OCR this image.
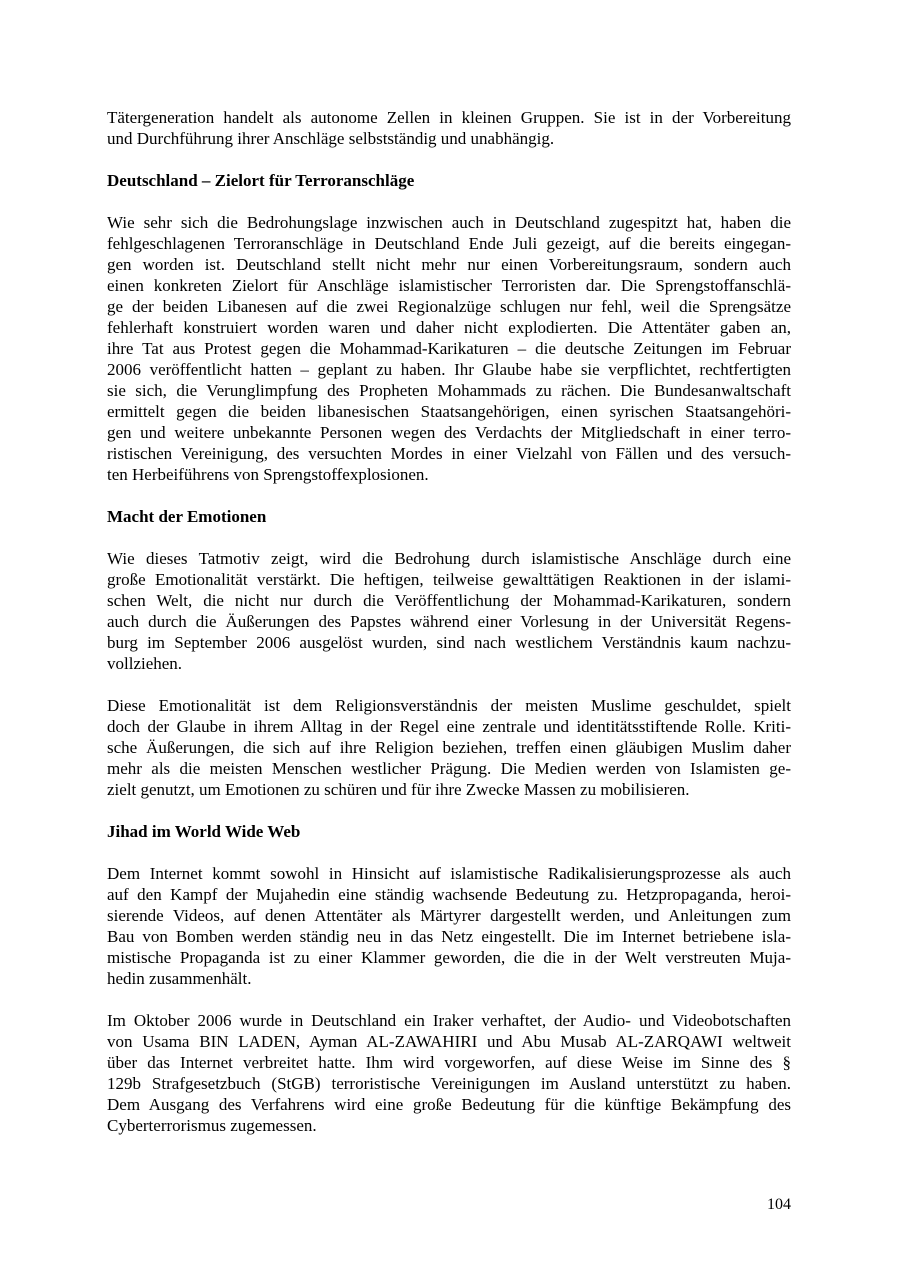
Tätergeneration handelt als autonome Zellen in kleinen Gruppen. Sie ist in der Vorbereitung
und Durchführung ihrer Anschläge selbstständig und unabhängig.
Deutschland – Zielort für Terroranschläge
Wie sehr sich die Bedrohungslage inzwischen auch in Deutschland zugespitzt hat, haben die
fehlgeschlagenen Terroranschläge in Deutschland Ende Juli gezeigt, auf die bereits eingegan-
gen worden ist. Deutschland stellt nicht mehr nur einen Vorbereitungsraum, sondern auch
einen konkreten Zielort für Anschläge islamistischer Terroristen dar. Die Sprengstoffanschlä-
ge der beiden Libanesen auf die zwei Regionalzüge schlugen nur fehl, weil die Sprengsätze
fehlerhaft konstruiert worden waren und daher nicht explodierten. Die Attentäter gaben an,
ihre Tat aus Protest gegen die Mohammad-Karikaturen – die deutsche Zeitungen im Februar
2006 veröffentlicht hatten – geplant zu haben. Ihr Glaube habe sie verpflichtet, rechtfertigten
sie sich, die Verunglimpfung des Propheten Mohammads zu rächen. Die Bundesanwaltschaft
ermittelt gegen die beiden libanesischen Staatsangehörigen, einen syrischen Staatsangehöri-
gen und weitere unbekannte Personen wegen des Verdachts der Mitgliedschaft in einer terro-
ristischen Vereinigung, des versuchten Mordes in einer Vielzahl von Fällen und des versuch-
ten Herbeiführens von Sprengstoffexplosionen.
Macht der Emotionen
Wie dieses Tatmotiv zeigt, wird die Bedrohung durch islamistische Anschläge durch eine
große Emotionalität verstärkt. Die heftigen, teilweise gewalttätigen Reaktionen in der islami-
schen Welt, die nicht nur durch die Veröffentlichung der Mohammad-Karikaturen, sondern
auch durch die Äußerungen des Papstes während einer Vorlesung in der Universität Regens-
burg im September 2006 ausgelöst wurden, sind nach westlichem Verständnis kaum nachzu-
vollziehen.
Diese Emotionalität ist dem Religionsverständnis der meisten Muslime geschuldet, spielt
doch der Glaube in ihrem Alltag in der Regel eine zentrale und identitätsstiftende Rolle. Kriti-
sche Äußerungen, die sich auf ihre Religion beziehen, treffen einen gläubigen Muslim daher
mehr als die meisten Menschen westlicher Prägung. Die Medien werden von Islamisten ge-
zielt genutzt, um Emotionen zu schüren und für ihre Zwecke Massen zu mobilisieren.
Jihad im World Wide Web
Dem Internet kommt sowohl in Hinsicht auf islamistische Radikalisierungsprozesse als auch
auf den Kampf der Mujahedin eine ständig wachsende Bedeutung zu. Hetzpropaganda, heroi-
sierende Videos, auf denen Attentäter als Märtyrer dargestellt werden, und Anleitungen zum
Bau von Bomben werden ständig neu in das Netz eingestellt. Die im Internet betriebene isla-
mistische Propaganda ist zu einer Klammer geworden, die die in der Welt verstreuten Muja-
hedin zusammenhält.
Im Oktober 2006 wurde in Deutschland ein Iraker verhaftet, der Audio- und Videobotschaften
von Usama BIN LADEN, Ayman AL-ZAWAHIRI und Abu Musab AL-ZARQAWI weltweit
über das Internet verbreitet hatte. Ihm wird vorgeworfen, auf diese Weise im Sinne des §
129b Strafgesetzbuch (StGB) terroristische Vereinigungen im Ausland unterstützt zu haben.
Dem Ausgang des Verfahrens wird eine große Bedeutung für die künftige Bekämpfung des
Cyberterrorismus zugemessen.
104
